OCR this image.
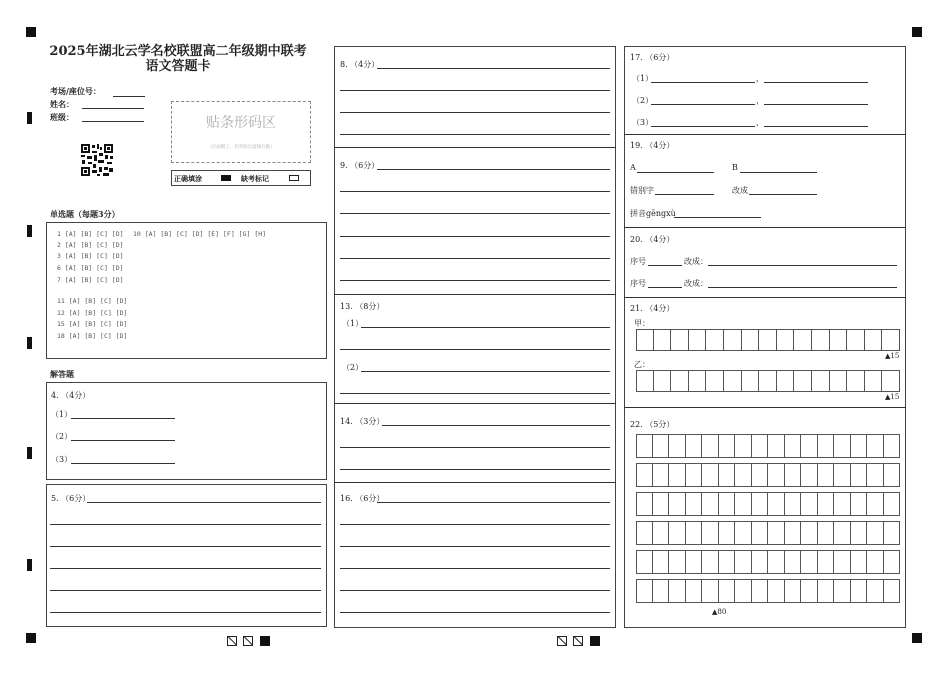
2025年湖北云学名校联盟高二年级期中联考
语文答题卡
考场/座位号：
姓名：
班级：	贴条形码区
（正面朝上，切勿贴出虚线方框）
正确填涂	缺考标记
单选题（每题3分）
1 [A] [B] [C] [D]
2 [A] [B] [C] [D]
3 [A] [B] [C] [D]
6 [A] [B] [C] [D]
7 [A] [B] [C] [D]
11 [A] [B] [C] [D]
12 [A] [B] [C] [D]
15 [A] [B] [C] [D]
18 [A] [B] [C] [D]
10 [A] [B] [C] [D] [E] [F] [G] [H]
解答题
4. （4分）
（1）
（2）
（3）
5. （6分）
8. （4分）
9. （6分）
13. （8分）
（1）
（2）
14. （3分）
16. （6分）
17. （6分）
（1）	，
（2）	，
（3）	，
19. （4分）
A	B
错别字	改成
拼音gēngxù
20. （4分）
序号	改成：
序号	改成：
21. （4分）
甲：
▲15
乙：
▲15
22. （5分）
▲80
